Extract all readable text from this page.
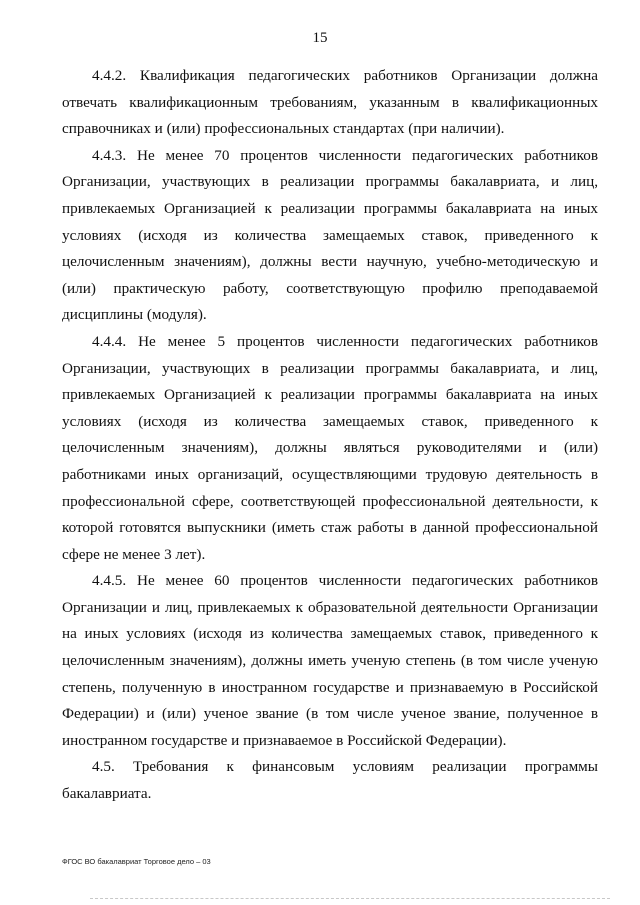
15

4.4.2. Квалификация педагогических работников Организации должна отвечать квалификационным требованиям, указанным в квалификационных справочниках и (или) профессиональных стандартах (при наличии).

4.4.3. Не менее 70 процентов численности педагогических работников Организации, участвующих в реализации программы бакалавриата, и лиц, привлекаемых Организацией к реализации программы бакалавриата на иных условиях (исходя из количества замещаемых ставок, приведенного к целочисленным значениям), должны вести научную, учебно-методическую и (или) практическую работу, соответствующую профилю преподаваемой дисциплины (модуля).

4.4.4. Не менее 5 процентов численности педагогических работников Организации, участвующих в реализации программы бакалавриата, и лиц, привлекаемых Организацией к реализации программы бакалавриата на иных условиях (исходя из количества замещаемых ставок, приведенного к целочисленным значениям), должны являться руководителями и (или) работниками иных организаций, осуществляющими трудовую деятельность в профессиональной сфере, соответствующей профессиональной деятельности, к которой готовятся выпускники (иметь стаж работы в данной профессиональной сфере не менее 3 лет).

4.4.5. Не менее 60 процентов численности педагогических работников Организации и лиц, привлекаемых к образовательной деятельности Организации на иных условиях (исходя из количества замещаемых ставок, приведенного к целочисленным значениям), должны иметь ученую степень (в том числе ученую степень, полученную в иностранном государстве и признаваемую в Российской Федерации) и (или) ученое звание (в том числе ученое звание, полученное в иностранном государстве и признаваемое в Российской Федерации).

4.5. Требования к финансовым условиям реализации программы бакалавриата.

ФГОС ВО бакалавриат Торговое дело – 03
